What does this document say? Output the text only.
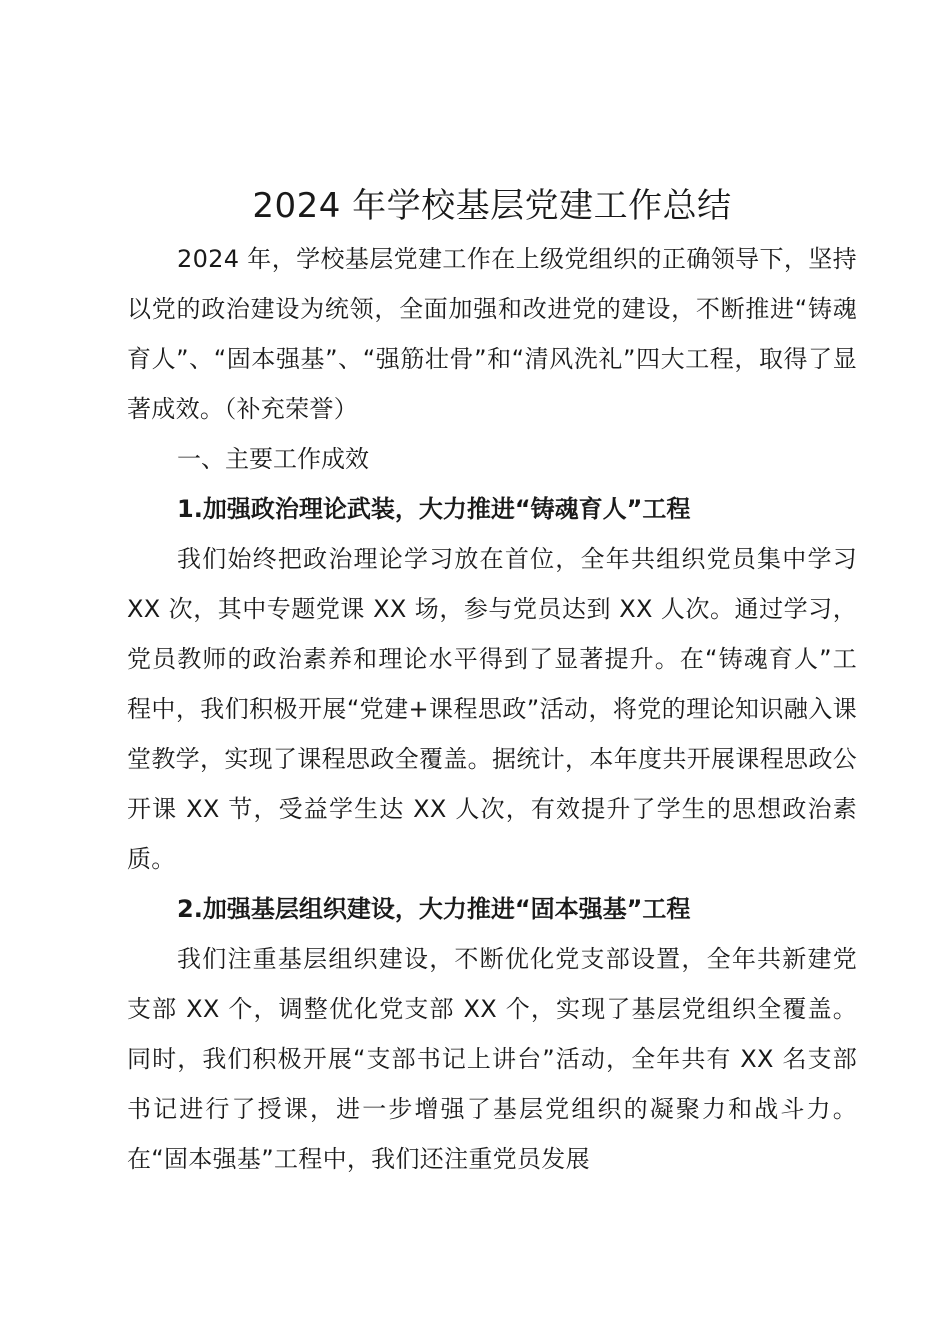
2024 年学校基层党建工作总结

2024 年，学校基层党建工作在上级党组织的正确领导下，坚持以党的政治建设为统领，全面加强和改进党的建设，不断推进“铸魂育人”、“固本强基”、“强筋壮骨”和“清风洗礼”四大工程，取得了显著成效。（补充荣誉）

一、主要工作成效

1.加强政治理论武装，大力推进“铸魂育人”工程

我们始终把政治理论学习放在首位，全年共组织党员集中学习 XX 次，其中专题党课 XX 场，参与党员达到 XX 人次。通过学习，党员教师的政治素养和理论水平得到了显著提升。在“铸魂育人”工程中，我们积极开展“党建+课程思政”活动，将党的理论知识融入课堂教学，实现了课程思政全覆盖。据统计，本年度共开展课程思政公开课 XX 节，受益学生达 XX 人次，有效提升了学生的思想政治素质。

2.加强基层组织建设，大力推进“固本强基”工程

我们注重基层组织建设，不断优化党支部设置，全年共新建党支部 XX 个，调整优化党支部 XX 个，实现了基层党组织全覆盖。同时，我们积极开展“支部书记上讲台”活动，全年共有 XX 名支部书记进行了授课，进一步增强了基层党组织的凝聚力和战斗力。在“固本强基”工程中，我们还注重党员发展
